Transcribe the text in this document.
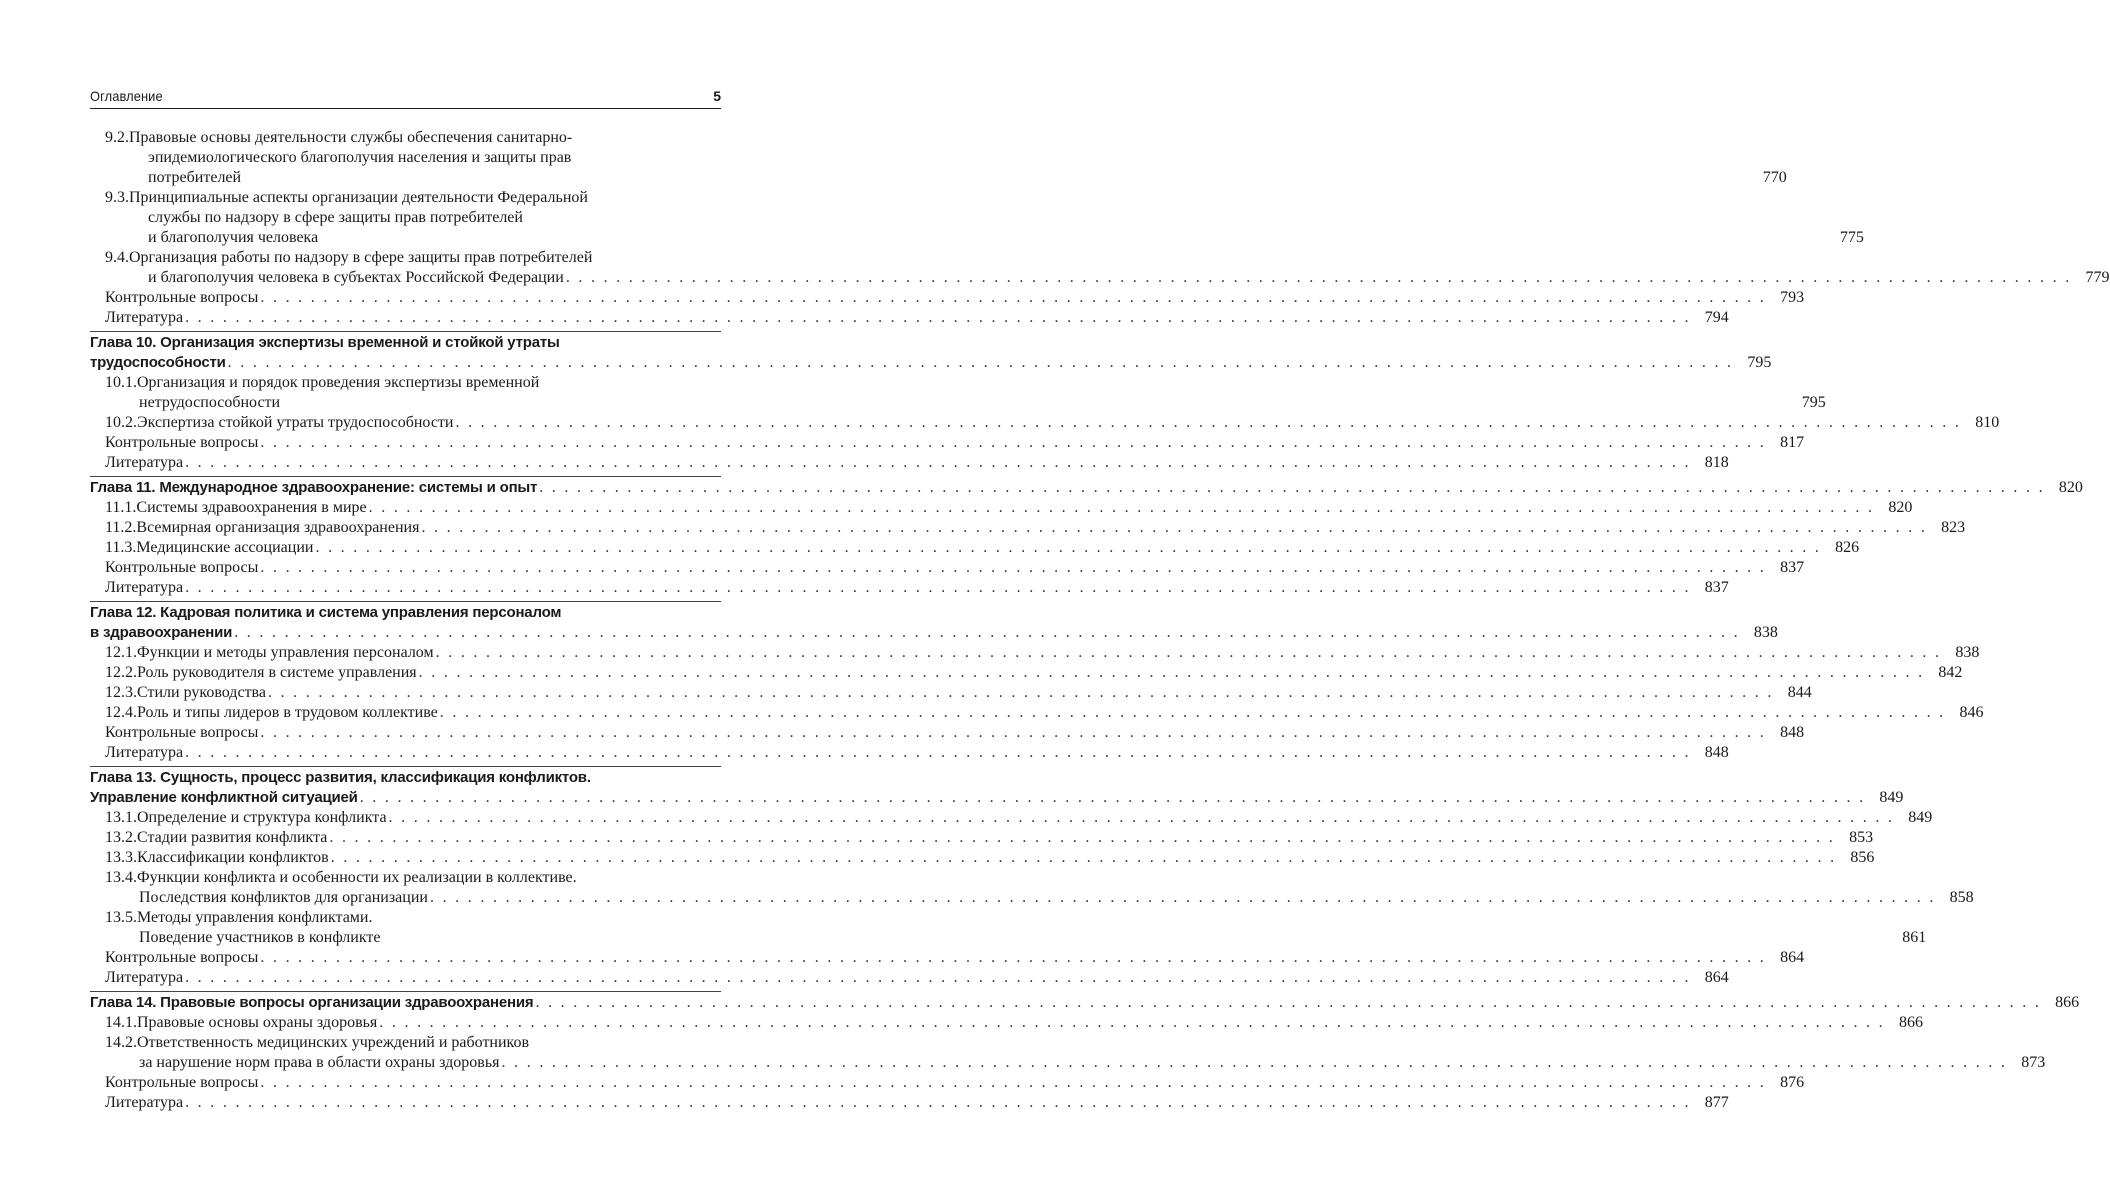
Оглавление	5
9.2. Правовые основы деятельности службы обеспечения санитарно-
эпидемиологического благополучия населения и защиты прав
потребителей	770
9.3. Принципиальные аспекты организации деятельности Федеральной
службы по надзору в сфере защиты прав потребителей
и благополучия человека	775
9.4. Организация работы по надзору в сфере защиты прав потребителей
и благополучия человека в субъектах Российской Федерации . . . . . . . . . . . . . . . . . . . . . . . . . . . . . . . . . . . . . . . . . . . . . . . . . . . . . . . . . . . . . . . . . . . . . . . . . . . . . . . . . . . . . . . . . . . . . . . . . . . . . . . . . . . . . . . . . . . . . . . . 779
Контрольные вопросы . . . . . . . . . . . . . . . . . . . . . . . . . . . . . . . . . . . . . . . . . . . . . . . . . . . . . . . . . . . . . . . . . . . . . . . . . . . . . . . . . . . . . . . . . . . . . . . . . . . . . . . . . . . . . . . . . . . . . . . . 793
Литература . . . . . . . . . . . . . . . . . . . . . . . . . . . . . . . . . . . . . . . . . . . . . . . . . . . . . . . . . . . . . . . . . . . . . . . . . . . . . . . . . . . . . . . . . . . . . . . . . . . . . . . . . . . . . . . . . . . . . . . . 794
Глава 10. Организация экспертизы временной и стойкой утраты
трудоспособности . . . . . . . . . . . . . . . . . . . . . . . . . . . . . . . . . . . . . . . . . . . . . . . . . . . . . . . . . . . . . . . . . . . . . . . . . . . . . . . . . . . . . . . . . . . . . . . . . . . . . . . . . . . . . . . . . . . . . . . . 795
10.1. Организация и порядок проведения экспертизы временной
нетрудоспособности	795
10.2. Экспертиза стойкой утраты трудоспособности . . . . . . . . . . . . . . . . . . . . . . . . . . . . . . . . . . . . . . . . . . . . . . . . . . . . . . . . . . . . . . . . . . . . . . . . . . . . . . . . . . . . . . . . . . . . . . . . . . . . . . . . . . . . . . . . . . . . . . . . 810
Контрольные вопросы . . . . . . . . . . . . . . . . . . . . . . . . . . . . . . . . . . . . . . . . . . . . . . . . . . . . . . . . . . . . . . . . . . . . . . . . . . . . . . . . . . . . . . . . . . . . . . . . . . . . . . . . . . . . . . . . . . . . . . . . 817
Литература . . . . . . . . . . . . . . . . . . . . . . . . . . . . . . . . . . . . . . . . . . . . . . . . . . . . . . . . . . . . . . . . . . . . . . . . . . . . . . . . . . . . . . . . . . . . . . . . . . . . . . . . . . . . . . . . . . . . . . . . 818
Глава 11. Международное здравоохранение: системы и опыт . . . . . . . . . . . . . . . . . . . . . . . . . . . . . . . . . . . . . . . . . . . . . . . . . . . . . . . . . . . . . . . . . . . . . . . . . . . . . . . . . . . . . . . . . . . . . . . . . . . . . . . . . . . . . . . . . . . . . . . . 820
11.1. Системы здравоохранения в мире . . . . . . . . . . . . . . . . . . . . . . . . . . . . . . . . . . . . . . . . . . . . . . . . . . . . . . . . . . . . . . . . . . . . . . . . . . . . . . . . . . . . . . . . . . . . . . . . . . . . . . . . . . . . . . . . . . . . . . . . 820
11.2. Всемирная организация здравоохранения . . . . . . . . . . . . . . . . . . . . . . . . . . . . . . . . . . . . . . . . . . . . . . . . . . . . . . . . . . . . . . . . . . . . . . . . . . . . . . . . . . . . . . . . . . . . . . . . . . . . . . . . . . . . . . . . . . . . . . . . 823
11.3. Медицинские ассоциации . . . . . . . . . . . . . . . . . . . . . . . . . . . . . . . . . . . . . . . . . . . . . . . . . . . . . . . . . . . . . . . . . . . . . . . . . . . . . . . . . . . . . . . . . . . . . . . . . . . . . . . . . . . . . . . . . . . . . . . . 826
Контрольные вопросы . . . . . . . . . . . . . . . . . . . . . . . . . . . . . . . . . . . . . . . . . . . . . . . . . . . . . . . . . . . . . . . . . . . . . . . . . . . . . . . . . . . . . . . . . . . . . . . . . . . . . . . . . . . . . . . . . . . . . . . . 837
Литература . . . . . . . . . . . . . . . . . . . . . . . . . . . . . . . . . . . . . . . . . . . . . . . . . . . . . . . . . . . . . . . . . . . . . . . . . . . . . . . . . . . . . . . . . . . . . . . . . . . . . . . . . . . . . . . . . . . . . . . . 837
Глава 12. Кадровая политика и система управления персоналом
в здравоохранении . . . . . . . . . . . . . . . . . . . . . . . . . . . . . . . . . . . . . . . . . . . . . . . . . . . . . . . . . . . . . . . . . . . . . . . . . . . . . . . . . . . . . . . . . . . . . . . . . . . . . . . . . . . . . . . . . . . . . . . . 838
12.1. Функции и методы управления персоналом . . . . . . . . . . . . . . . . . . . . . . . . . . . . . . . . . . . . . . . . . . . . . . . . . . . . . . . . . . . . . . . . . . . . . . . . . . . . . . . . . . . . . . . . . . . . . . . . . . . . . . . . . . . . . . . . . . . . . . . . 838
12.2. Роль руководителя в системе управления . . . . . . . . . . . . . . . . . . . . . . . . . . . . . . . . . . . . . . . . . . . . . . . . . . . . . . . . . . . . . . . . . . . . . . . . . . . . . . . . . . . . . . . . . . . . . . . . . . . . . . . . . . . . . . . . . . . . . . . . 842
12.3. Стили руководства . . . . . . . . . . . . . . . . . . . . . . . . . . . . . . . . . . . . . . . . . . . . . . . . . . . . . . . . . . . . . . . . . . . . . . . . . . . . . . . . . . . . . . . . . . . . . . . . . . . . . . . . . . . . . . . . . . . . . . . . 844
12.4. Роль и типы лидеров в трудовом коллективе . . . . . . . . . . . . . . . . . . . . . . . . . . . . . . . . . . . . . . . . . . . . . . . . . . . . . . . . . . . . . . . . . . . . . . . . . . . . . . . . . . . . . . . . . . . . . . . . . . . . . . . . . . . . . . . . . . . . . . . . 846
Контрольные вопросы . . . . . . . . . . . . . . . . . . . . . . . . . . . . . . . . . . . . . . . . . . . . . . . . . . . . . . . . . . . . . . . . . . . . . . . . . . . . . . . . . . . . . . . . . . . . . . . . . . . . . . . . . . . . . . . . . . . . . . . . 848
Литература . . . . . . . . . . . . . . . . . . . . . . . . . . . . . . . . . . . . . . . . . . . . . . . . . . . . . . . . . . . . . . . . . . . . . . . . . . . . . . . . . . . . . . . . . . . . . . . . . . . . . . . . . . . . . . . . . . . . . . . . 848
Глава 13. Сущность, процесс развития, классификация конфликтов.
Управление конфликтной ситуацией . . . . . . . . . . . . . . . . . . . . . . . . . . . . . . . . . . . . . . . . . . . . . . . . . . . . . . . . . . . . . . . . . . . . . . . . . . . . . . . . . . . . . . . . . . . . . . . . . . . . . . . . . . . . . . . . . . . . . . . . 849
13.1. Определение и структура конфликта . . . . . . . . . . . . . . . . . . . . . . . . . . . . . . . . . . . . . . . . . . . . . . . . . . . . . . . . . . . . . . . . . . . . . . . . . . . . . . . . . . . . . . . . . . . . . . . . . . . . . . . . . . . . . . . . . . . . . . . . 849
13.2. Стадии развития конфликта . . . . . . . . . . . . . . . . . . . . . . . . . . . . . . . . . . . . . . . . . . . . . . . . . . . . . . . . . . . . . . . . . . . . . . . . . . . . . . . . . . . . . . . . . . . . . . . . . . . . . . . . . . . . . . . . . . . . . . . . 853
13.3. Классификации конфликтов . . . . . . . . . . . . . . . . . . . . . . . . . . . . . . . . . . . . . . . . . . . . . . . . . . . . . . . . . . . . . . . . . . . . . . . . . . . . . . . . . . . . . . . . . . . . . . . . . . . . . . . . . . . . . . . . . . . . . . . . 856
13.4. Функции конфликта и особенности их реализации в коллективе.
Последствия конфликтов для организации . . . . . . . . . . . . . . . . . . . . . . . . . . . . . . . . . . . . . . . . . . . . . . . . . . . . . . . . . . . . . . . . . . . . . . . . . . . . . . . . . . . . . . . . . . . . . . . . . . . . . . . . . . . . . . . . . . . . . . . . 858
13.5. Методы управления конфликтами.
Поведение участников в конфликте	861
Контрольные вопросы . . . . . . . . . . . . . . . . . . . . . . . . . . . . . . . . . . . . . . . . . . . . . . . . . . . . . . . . . . . . . . . . . . . . . . . . . . . . . . . . . . . . . . . . . . . . . . . . . . . . . . . . . . . . . . . . . . . . . . . . 864
Литература . . . . . . . . . . . . . . . . . . . . . . . . . . . . . . . . . . . . . . . . . . . . . . . . . . . . . . . . . . . . . . . . . . . . . . . . . . . . . . . . . . . . . . . . . . . . . . . . . . . . . . . . . . . . . . . . . . . . . . . . 864
Глава 14. Правовые вопросы организации здравоохранения . . . . . . . . . . . . . . . . . . . . . . . . . . . . . . . . . . . . . . . . . . . . . . . . . . . . . . . . . . . . . . . . . . . . . . . . . . . . . . . . . . . . . . . . . . . . . . . . . . . . . . . . . . . . . . . . . . . . . . . . 866
14.1. Правовые основы охраны здоровья . . . . . . . . . . . . . . . . . . . . . . . . . . . . . . . . . . . . . . . . . . . . . . . . . . . . . . . . . . . . . . . . . . . . . . . . . . . . . . . . . . . . . . . . . . . . . . . . . . . . . . . . . . . . . . . . . . . . . . . . 866
14.2. Ответственность медицинских учреждений и работников
за нарушение норм права в области охраны здоровья . . . . . . . . . . . . . . . . . . . . . . . . . . . . . . . . . . . . . . . . . . . . . . . . . . . . . . . . . . . . . . . . . . . . . . . . . . . . . . . . . . . . . . . . . . . . . . . . . . . . . . . . . . . . . . . . . . . . . . . . 873
Контрольные вопросы . . . . . . . . . . . . . . . . . . . . . . . . . . . . . . . . . . . . . . . . . . . . . . . . . . . . . . . . . . . . . . . . . . . . . . . . . . . . . . . . . . . . . . . . . . . . . . . . . . . . . . . . . . . . . . . . . . . . . . . . 876
Литература . . . . . . . . . . . . . . . . . . . . . . . . . . . . . . . . . . . . . . . . . . . . . . . . . . . . . . . . . . . . . . . . . . . . . . . . . . . . . . . . . . . . . . . . . . . . . . . . . . . . . . . . . . . . . . . . . . . . . . . . 877
